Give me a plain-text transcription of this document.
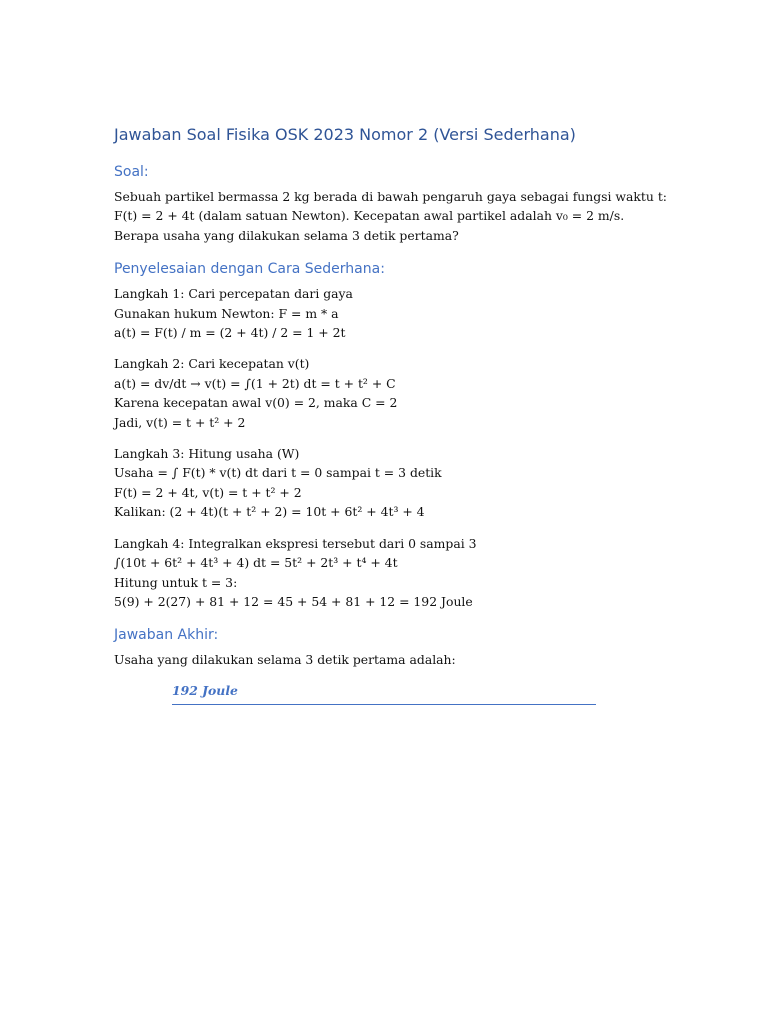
Jawaban Soal Fisika OSK 2023 Nomor 2 (Versi Sederhana)
Soal:
Sebuah partikel bermassa 2 kg berada di bawah pengaruh gaya sebagai fungsi waktu t:
F(t) = 2 + 4t (dalam satuan Newton). Kecepatan awal partikel adalah v₀ = 2 m/s.
Berapa usaha yang dilakukan selama 3 detik pertama?
Penyelesaian dengan Cara Sederhana:
Langkah 1: Cari percepatan dari gaya
Gunakan hukum Newton: F = m * a
a(t) = F(t) / m = (2 + 4t) / 2 = 1 + 2t
Langkah 2: Cari kecepatan v(t)
a(t) = dv/dt → v(t) = ∫(1 + 2t) dt = t + t² + C
Karena kecepatan awal v(0) = 2, maka C = 2
Jadi, v(t) = t + t² + 2
Langkah 3: Hitung usaha (W)
Usaha = ∫ F(t) * v(t) dt dari t = 0 sampai t = 3 detik
F(t) = 2 + 4t, v(t) = t + t² + 2
Kalikan: (2 + 4t)(t + t² + 2) = 10t + 6t² + 4t³ + 4
Langkah 4: Integralkan ekspresi tersebut dari 0 sampai 3
∫(10t + 6t² + 4t³ + 4) dt = 5t² + 2t³ + t⁴ + 4t
Hitung untuk t = 3:
5(9) + 2(27) + 81 + 12 = 45 + 54 + 81 + 12 = 192 Joule
Jawaban Akhir:
Usaha yang dilakukan selama 3 detik pertama adalah:
192 Joule
